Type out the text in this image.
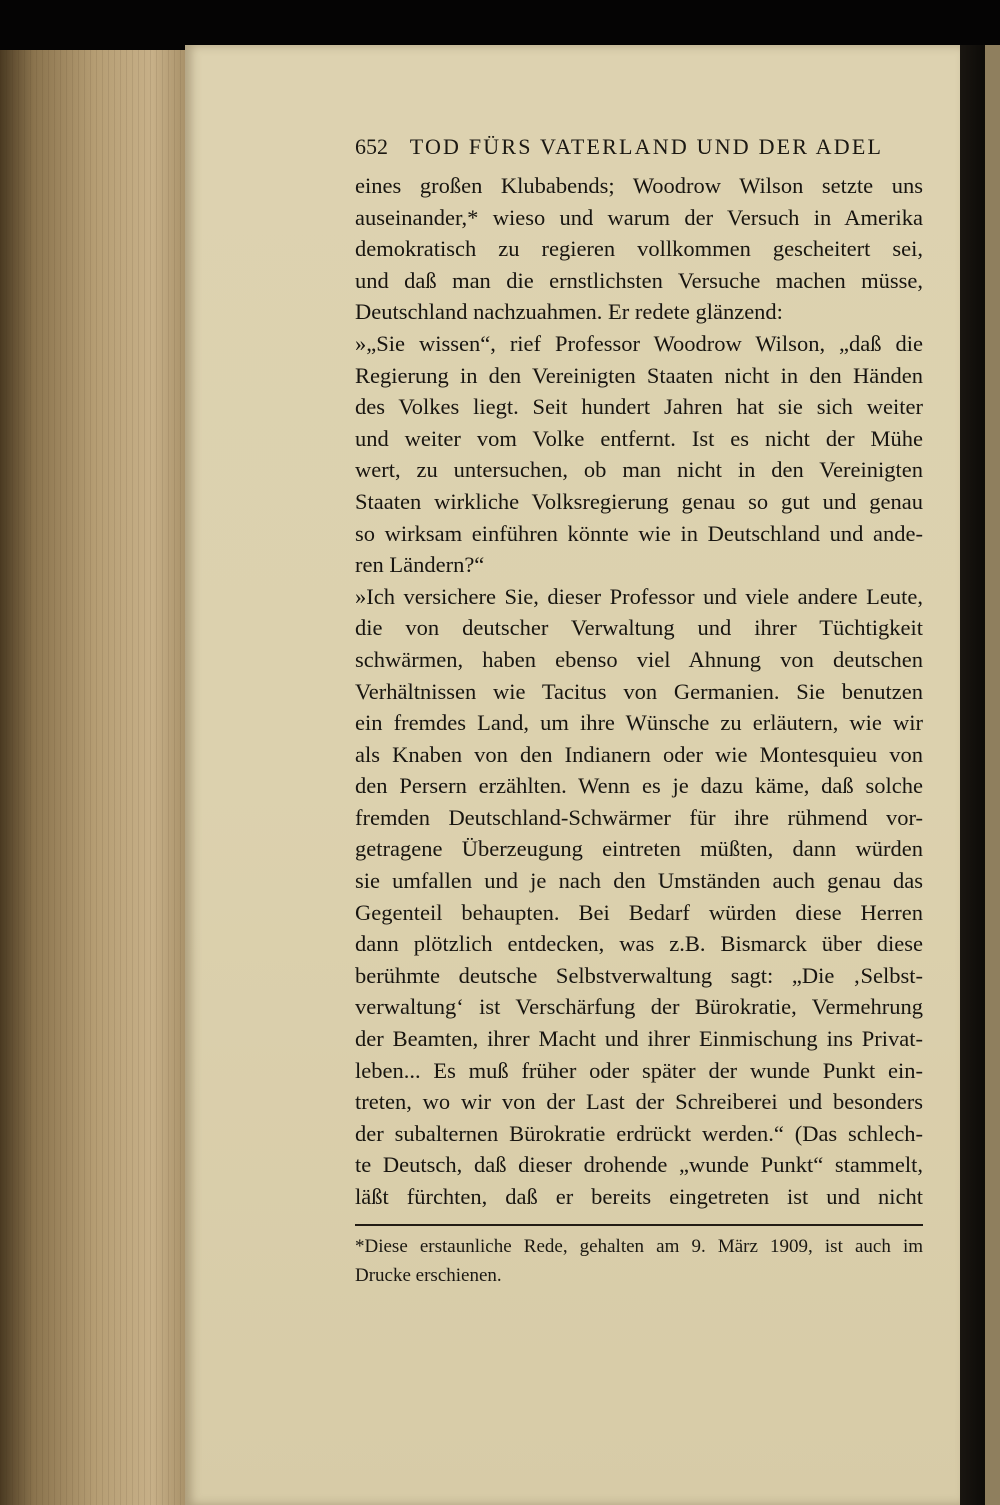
652 TOD FÜRS VATERLAND UND DER ADEL
eines großen Klubabends; Woodrow Wilson setzte uns
auseinander,* wieso und warum der Versuch in Amerika
demokratisch zu regieren vollkommen gescheitert sei,
und daß man die ernstlichsten Versuche machen müsse,
Deutschland nachzuahmen. Er redete glänzend:
»„Sie wissen“, rief Professor Woodrow Wilson, „daß die
Regierung in den Vereinigten Staaten nicht in den Händen
des Volkes liegt. Seit hundert Jahren hat sie sich weiter
und weiter vom Volke entfernt. Ist es nicht der Mühe
wert, zu untersuchen, ob man nicht in den Vereinigten
Staaten wirkliche Volksregierung genau so gut und genau
so wirksam einführen könnte wie in Deutschland und ande-
ren Ländern?“
»Ich versichere Sie, dieser Professor und viele andere Leute,
die von deutscher Verwaltung und ihrer Tüchtigkeit
schwärmen, haben ebenso viel Ahnung von deutschen
Verhältnissen wie Tacitus von Germanien. Sie benutzen
ein fremdes Land, um ihre Wünsche zu erläutern, wie wir
als Knaben von den Indianern oder wie Montesquieu von
den Persern erzählten. Wenn es je dazu käme, daß solche
fremden Deutschland-Schwärmer für ihre rühmend vor-
getragene Überzeugung eintreten müßten, dann würden
sie umfallen und je nach den Umständen auch genau das
Gegenteil behaupten. Bei Bedarf würden diese Herren
dann plötzlich entdecken, was z.B. Bismarck über diese
berühmte deutsche Selbstverwaltung sagt: „Die ‚Selbst-
verwaltung‘ ist Verschärfung der Bürokratie, Vermehrung
der Beamten, ihrer Macht und ihrer Einmischung ins Privat-
leben... Es muß früher oder später der wunde Punkt ein-
treten, wo wir von der Last der Schreiberei und besonders
der subalternen Bürokratie erdrückt werden.“ (Das schlech-
te Deutsch, daß dieser drohende „wunde Punkt“ stammelt,
läßt fürchten, daß er bereits eingetreten ist und nicht
*Diese erstaunliche Rede, gehalten am 9. März 1909, ist auch im
Drucke erschienen.
